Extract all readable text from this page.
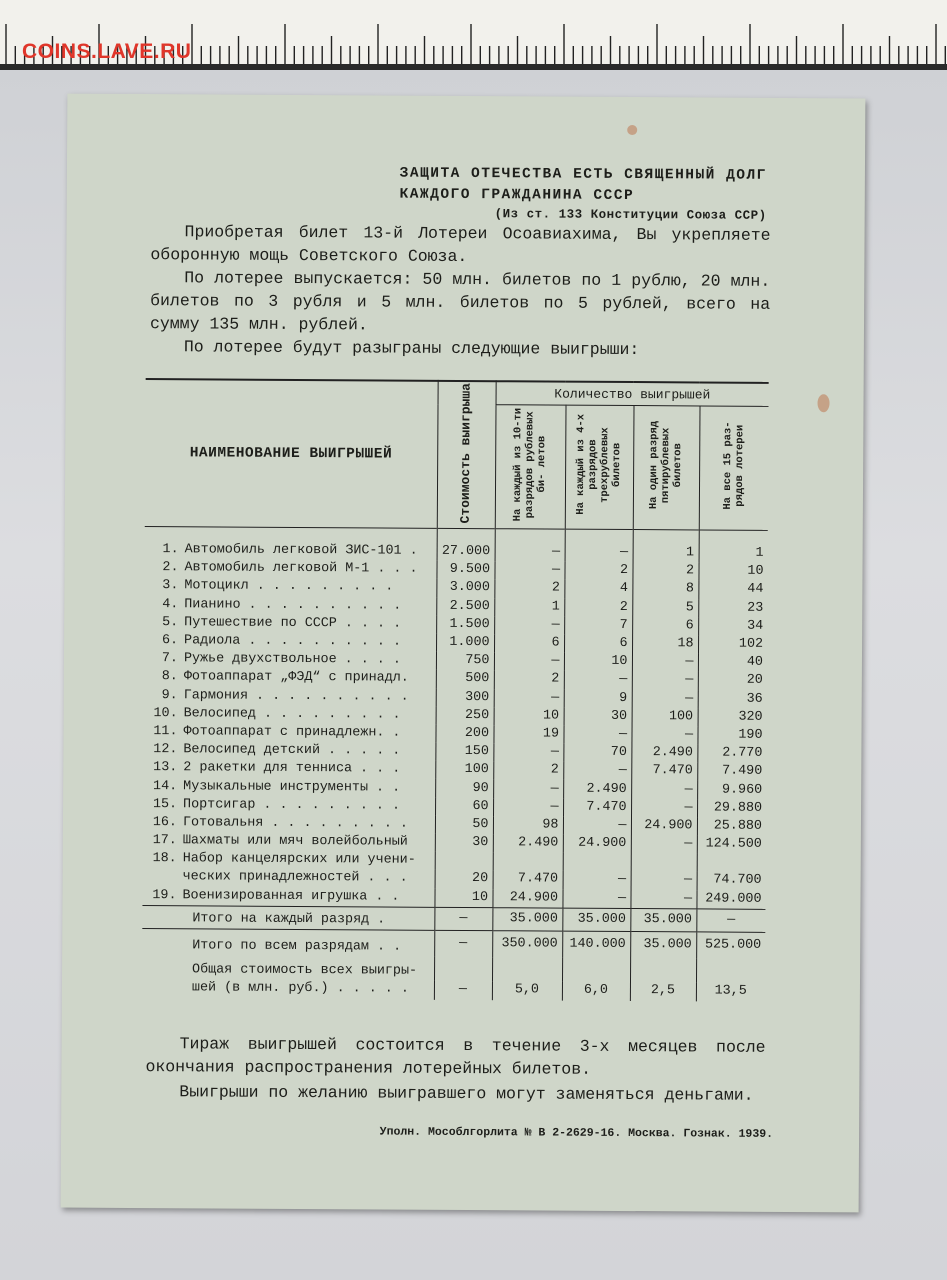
COINS.LAVE.RU
ЗАЩИТА ОТЕЧЕСТВА ЕСТЬ СВЯЩЕННЫЙ ДОЛГ
КАЖДОГО ГРАЖДАНИНА СССР
(Из ст. 133 Конституции Союза ССР)

Приобретая билет 13-й Лотереи Осоавиахима, Вы укрепляете оборонную мощь Советского Союза.

По лотерее выпускается: 50 млн. билетов по 1 рублю, 20 млн. билетов по 3 рубля и 5 млн. билетов по 5 рублей, всего на сумму 135 млн. рублей.

По лотерее будут разыграны следующие выигрыши:

НАИМЕНОВАНИЕ ВЫИГРЫШЕЙ	Стоимость выигрыша	Количество выигрышей			
		На каждый из 10-ти разрядов рублевых би- летов	На каждый из 4-х разрядов трехрублевых билетов	На один разряд пятирублевых билетов	На все 15 раз- рядов лотереи
1. Автомобиль легковой ЗИС-101 .	27.000	—	—	1	1
2. Автомобиль легковой М-1 . . .	9.500	—	2	2	10
3. Мотоцикл . . . . . . . . .	3.000	2	4	8	44
4. Пианино . . . . . . . . . .	2.500	1	2	5	23
5. Путешествие по СССР . . . .	1.500	—	7	6	34
6. Радиола . . . . . . . . . .	1.000	6	6	18	102
7. Ружье двухствольное . . . .	750	—	10	—	40
8. Фотоаппарат „ФЭД“ с принадл.	500	2	—	—	20
9. Гармония . . . . . . . . . .	300	—	9	—	36
10. Велосипед . . . . . . . . .	250	10	30	100	320
11. Фотоаппарат с принадлежн. .	200	19	—	—	190
12. Велосипед детский . . . . .	150	—	70	2.490	2.770
13. 2 ракетки для тенниса . . .	100	2	—	7.470	7.490
14. Музыкальные инструменты . .	90	—	2.490	—	9.960
15. Портсигар . . . . . . . . .	60	—	7.470	—	29.880
16. Готовальня . . . . . . . . .	50	98	—	24.900	25.880
17. Шахматы или мяч волейбольный	30	2.490	24.900	—	124.500
18. Набор канцелярских или учени-					
ческих принадлежностей . . .	20	7.470	—	—	74.700
19. Военизированная игрушка . .	10	24.900	—	—	249.000
Итого на каждый разряд .	—	35.000	35.000	35.000	—
Итого по всем разрядам . .	—	350.000	140.000	35.000	525.000
Общая стоимость всех выигры-					
шей (в млн. руб.) . . . . .	—	5,0	6,0	2,5	13,5

Тираж выигрышей состоится в течение 3-х месяцев после окончания распространения лотерейных билетов.

Выигрыши по желанию выигравшего могут заменяться деньгами.

Уполн. Мособлгорлита № В 2-2629-16. Москва. Гознак. 1939.
